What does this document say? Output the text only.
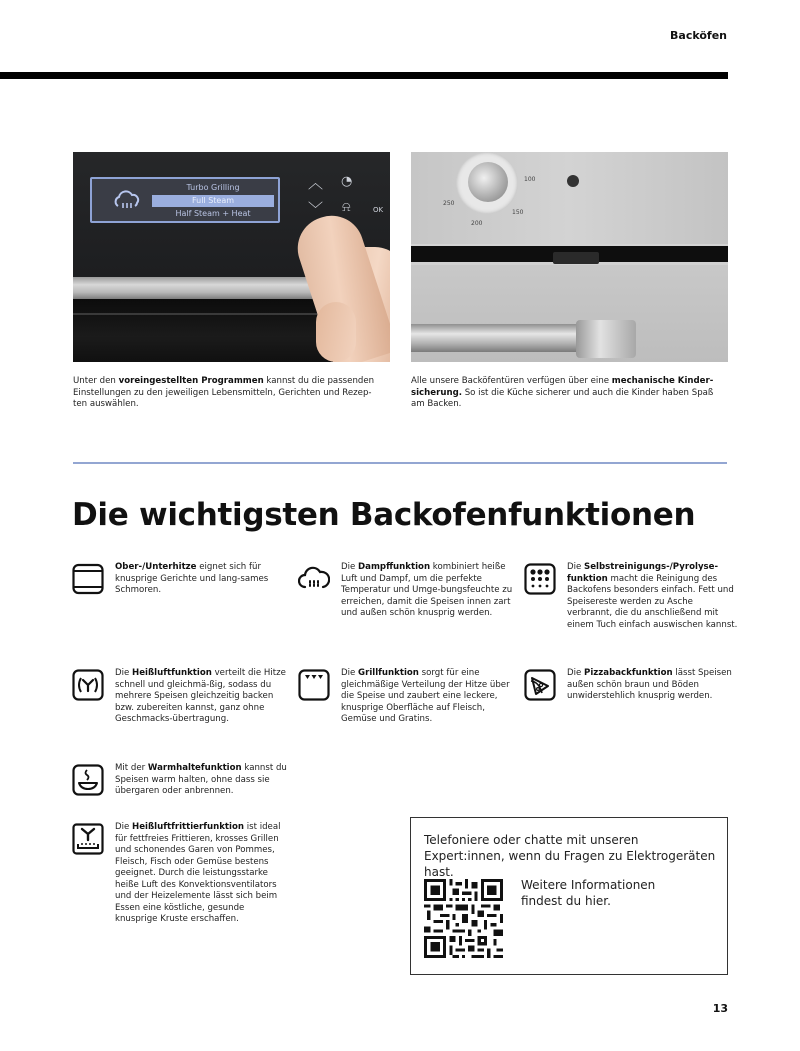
Backöfen
Turbo Grilling
Full Steam
Half Steam + Heat
︿
﹀
◔
⍾	OK
100
150
200
250

Unter den voreingestellten Programmen kannst du die passenden Einstellungen zu den jeweiligen Lebensmitteln, Gerichten und Rezep-ten auswählen.

Alle unsere Backöfentüren verfügen über eine mechanische Kinder-sicherung. So ist die Küche sicherer und auch die Kinder haben Spaß am Backen.

Die wichtigsten Backofenfunktionen

Ober-/Unterhitze eignet sich für knusprige Gerichte und lang-sames Schmoren.

Die Dampffunktion kombiniert heiße Luft und Dampf, um die perfekte Temperatur und Umge-bungsfeuchte zu erreichen, damit die Speisen innen zart und außen schön knusprig werden.

Die Selbstreinigungs-/Pyrolyse-funktion macht die Reinigung des Backofens besonders einfach. Fett und Speisereste werden zu Asche verbrannt, die du anschließend mit einem Tuch einfach auswischen kannst.

Die Heißluftfunktion verteilt die Hitze schnell und gleichmä-ßig, sodass du mehrere Speisen gleichzeitig backen bzw. zubereiten kannst, ganz ohne Geschmacks-übertragung.

Die Grillfunktion sorgt für eine gleichmäßige Verteilung der Hitze über die Speise und zaubert eine leckere, knusprige Oberfläche auf Fleisch, Gemüse und Gratins.

Die Pizzabackfunktion lässt Speisen außen schön braun und Böden unwiderstehlich knusprig werden.

Mit der Warmhaltefunktion kannst du Speisen warm halten, ohne dass sie übergaren oder anbrennen.

Die Heißluftfrittierfunktion ist ideal für fettfreies Frittieren, krosses Grillen und schonendes Garen von Pommes, Fleisch, Fisch oder Gemüse bestens geeignet. Durch die leistungsstarke heiße Luft des Konvektionsventilators und der Heizelemente lässt sich beim Essen eine köstliche, gesunde knusprige Kruste erschaffen.

Telefoniere oder chatte mit unseren Expert:innen, wenn du Fragen zu Elektrogeräten hast.

Weitere Informationen findest du hier.

13
